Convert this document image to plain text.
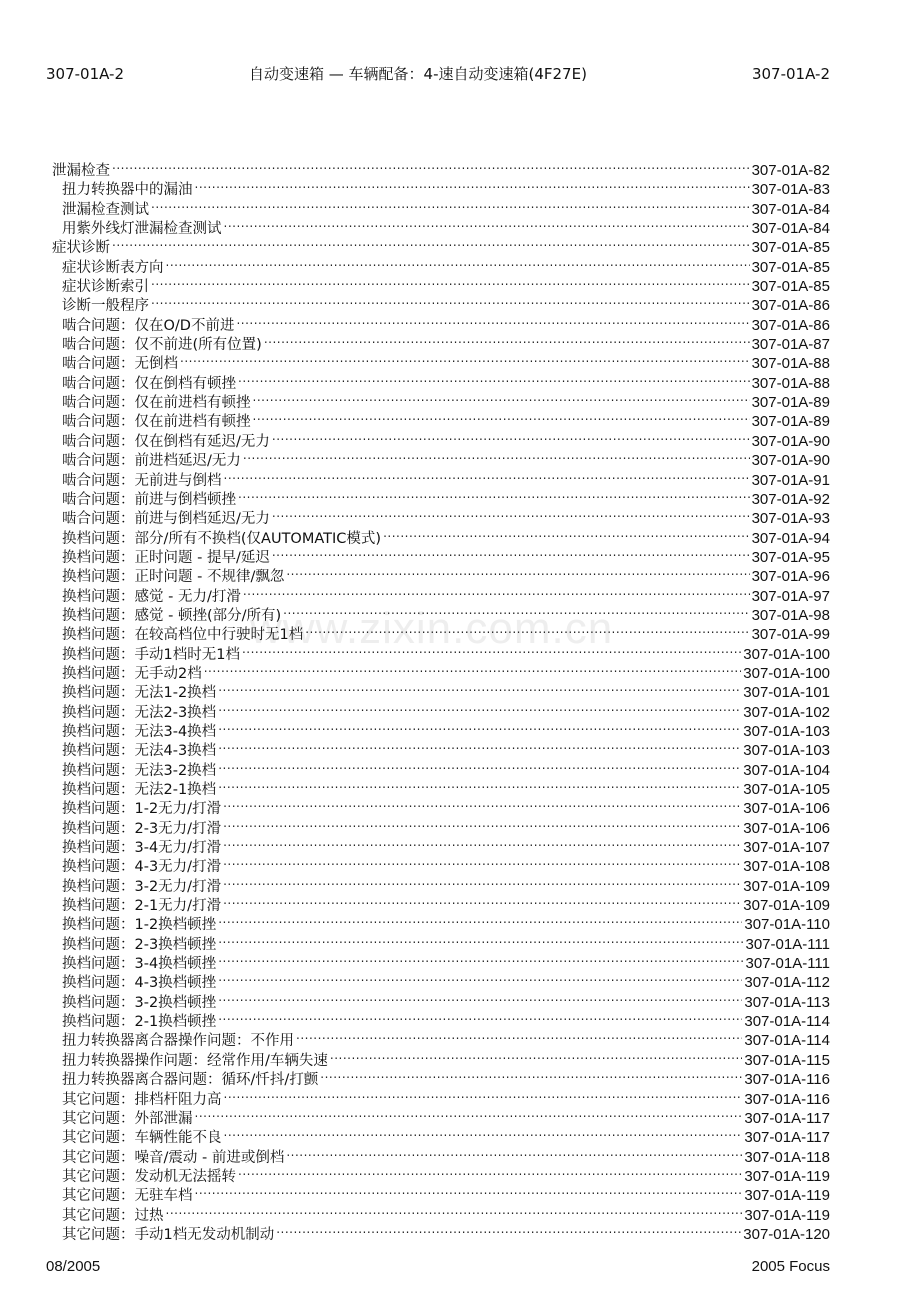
307-01A-2	自动变速箱 — 车辆配备：4-速自动变速箱(4F27E)	307-01A-2
泄漏检查 .....	307-01A-82
扭力转换器中的漏油 .....	307-01A-83
泄漏检查测试 .....	307-01A-84
用紫外线灯泄漏检查测试 .....	307-01A-84
症状诊断 .....	307-01A-85
症状诊断表方向 .....	307-01A-85
症状诊断索引 .....	307-01A-85
诊断一般程序 .....	307-01A-86
啮合问题：仅在O/D不前进 .....	307-01A-86
啮合问题：仅不前进(所有位置) .....	307-01A-87
啮合问题：无倒档 .....	307-01A-88
啮合问题：仅在倒档有顿挫 .....	307-01A-88
啮合问题：仅在前进档有顿挫 .....	307-01A-89
啮合问题：仅在前进档有顿挫 .....	307-01A-89
啮合问题：仅在倒档有延迟/无力 .....	307-01A-90
啮合问题：前进档延迟/无力 .....	307-01A-90
啮合问题：无前进与倒档 .....	307-01A-91
啮合问题：前进与倒档顿挫 .....	307-01A-92
啮合问题：前进与倒档延迟/无力 .....	307-01A-93
换档问题：部分/所有不换档(仅AUTOMATIC模式) .....	307-01A-94
换档问题：正时问题 - 提早/延迟 .....	307-01A-95
换档问题：正时问题 - 不规律/飘忽 .....	307-01A-96
换档问题：感觉 - 无力/打滑 .....	307-01A-97
换档问题：感觉 - 顿挫(部分/所有) .....	307-01A-98
换档问题：在较高档位中行驶时无1档 .....	307-01A-99
换档问题：手动1档时无1档 .....	307-01A-100
换档问题：无手动2档 .....	307-01A-100
换档问题：无法1-2换档 .....	307-01A-101
换档问题：无法2-3换档 .....	307-01A-102
换档问题：无法3-4换档 .....	307-01A-103
换档问题：无法4-3换档 .....	307-01A-103
换档问题：无法3-2换档 .....	307-01A-104
换档问题：无法2-1换档 .....	307-01A-105
换档问题：1-2无力/打滑 .....	307-01A-106
换档问题：2-3无力/打滑 .....	307-01A-106
换档问题：3-4无力/打滑 .....	307-01A-107
换档问题：4-3无力/打滑 .....	307-01A-108
换档问题：3-2无力/打滑 .....	307-01A-109
换档问题：2-1无力/打滑 .....	307-01A-109
换档问题：1-2换档顿挫 .....	307-01A-110
换档问题：2-3换档顿挫 .....	307-01A-111
换档问题：3-4换档顿挫 .....	307-01A-111
换档问题：4-3换档顿挫 .....	307-01A-112
换档问题：3-2换档顿挫 .....	307-01A-113
换档问题：2-1换档顿挫 .....	307-01A-114
扭力转换器离合器操作问题：不作用 .....	307-01A-114
扭力转换器操作问题：经常作用/车辆失速 .....	307-01A-115
扭力转换器离合器问题：循环/忏抖/打颤 .....	307-01A-116
其它问题：排档杆阻力高 .....	307-01A-116
其它问题：外部泄漏 .....	307-01A-117
其它问题：车辆性能不良 .....	307-01A-117
其它问题：噪音/震动 - 前进或倒档 .....	307-01A-118
其它问题：发动机无法摇转 .....	307-01A-119
其它问题：无驻车档 .....	307-01A-119
其它问题：过热 .....	307-01A-119
其它问题：手动1档无发动机制动 .....	307-01A-120
www.zixin.com.cn
08/2005	2005 Focus
